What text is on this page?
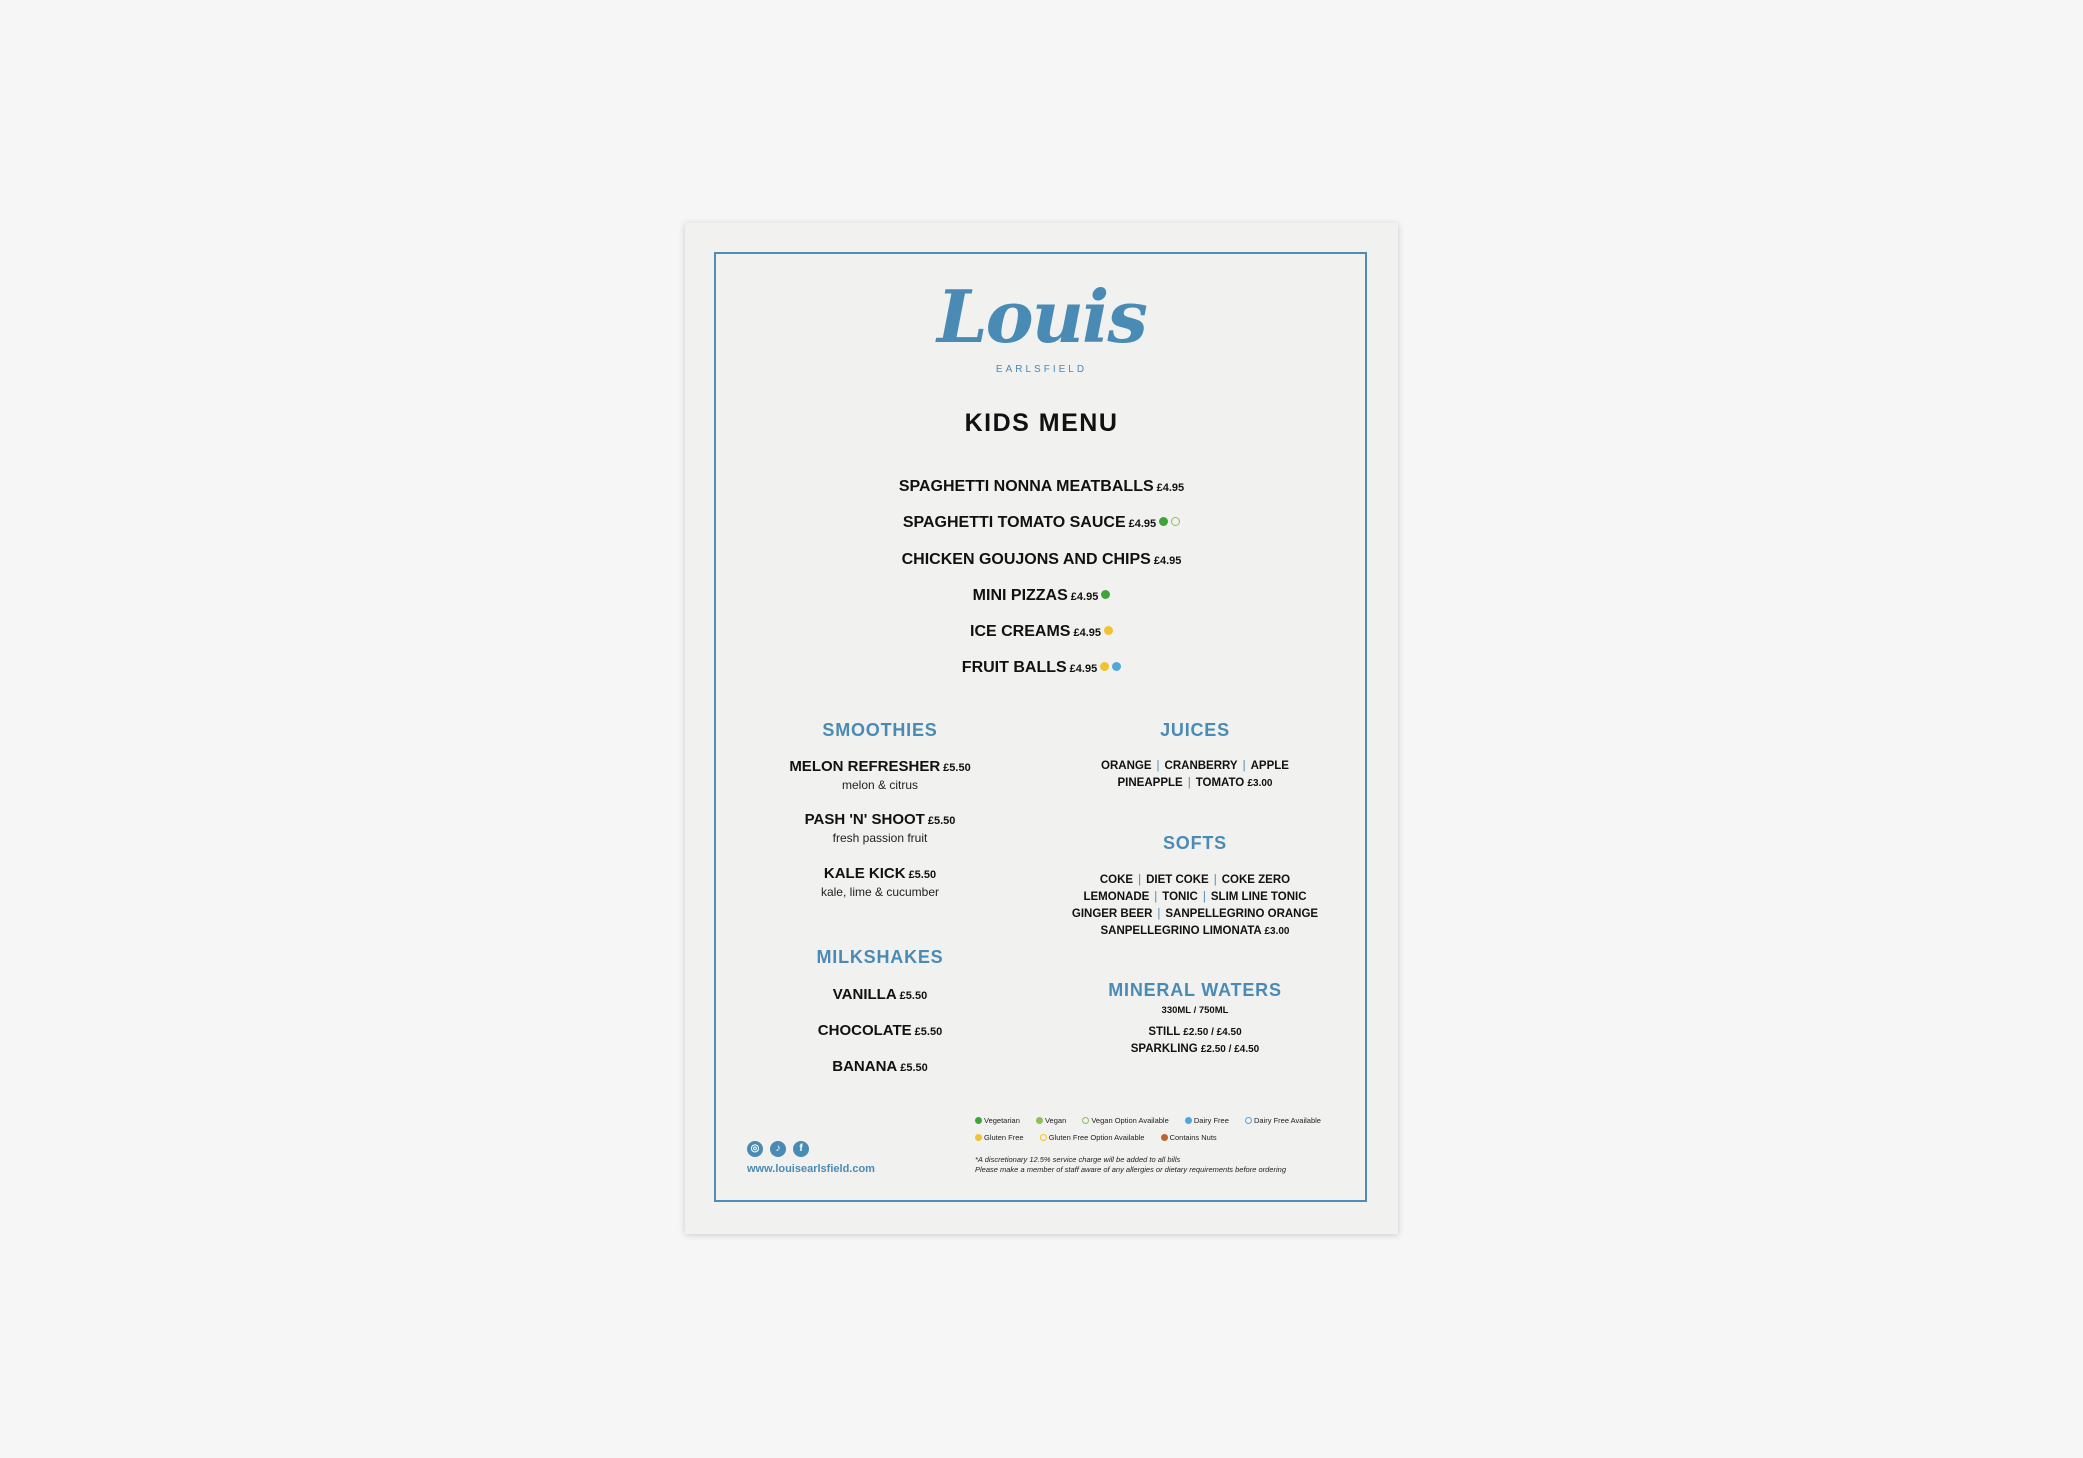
Louis
EARLSFIELD
KIDS MENU
SPAGHETTI NONNA MEATBALLS £4.95
SPAGHETTI TOMATO SAUCE £4.95
CHICKEN GOUJONS AND CHIPS £4.95
MINI PIZZAS £4.95
ICE CREAMS £4.95
FRUIT BALLS £4.95
SMOOTHIES
MELON REFRESHER £5.50
melon & citrus
PASH 'N' SHOOT £5.50
fresh passion fruit
KALE KICK £5.50
kale, lime & cucumber
MILKSHAKES
VANILLA £5.50
CHOCOLATE £5.50
BANANA £5.50
JUICES
ORANGE | CRANBERRY | APPLE
PINEAPPLE | TOMATO £3.00
SOFTS
COKE | DIET COKE | COKE ZERO
LEMONADE | TONIC | SLIM LINE TONIC
GINGER BEER | SANPELLEGRINO ORANGE
SANPELLEGRINO LIMONATA £3.00
MINERAL WATERS
330ML / 750ML
STILL £2.50 / £4.50
SPARKLING £2.50 / £4.50
◎ ♪ f
www.louisearlsfield.com
Vegetarian	Vegan	Vegan Option Available	Dairy Free	Dairy Free Available
Gluten Free	Gluten Free Option Available	Contains Nuts
*A discretionary 12.5% service charge will be added to all bills
Please make a member of staff aware of any allergies or dietary requirements before ordering
